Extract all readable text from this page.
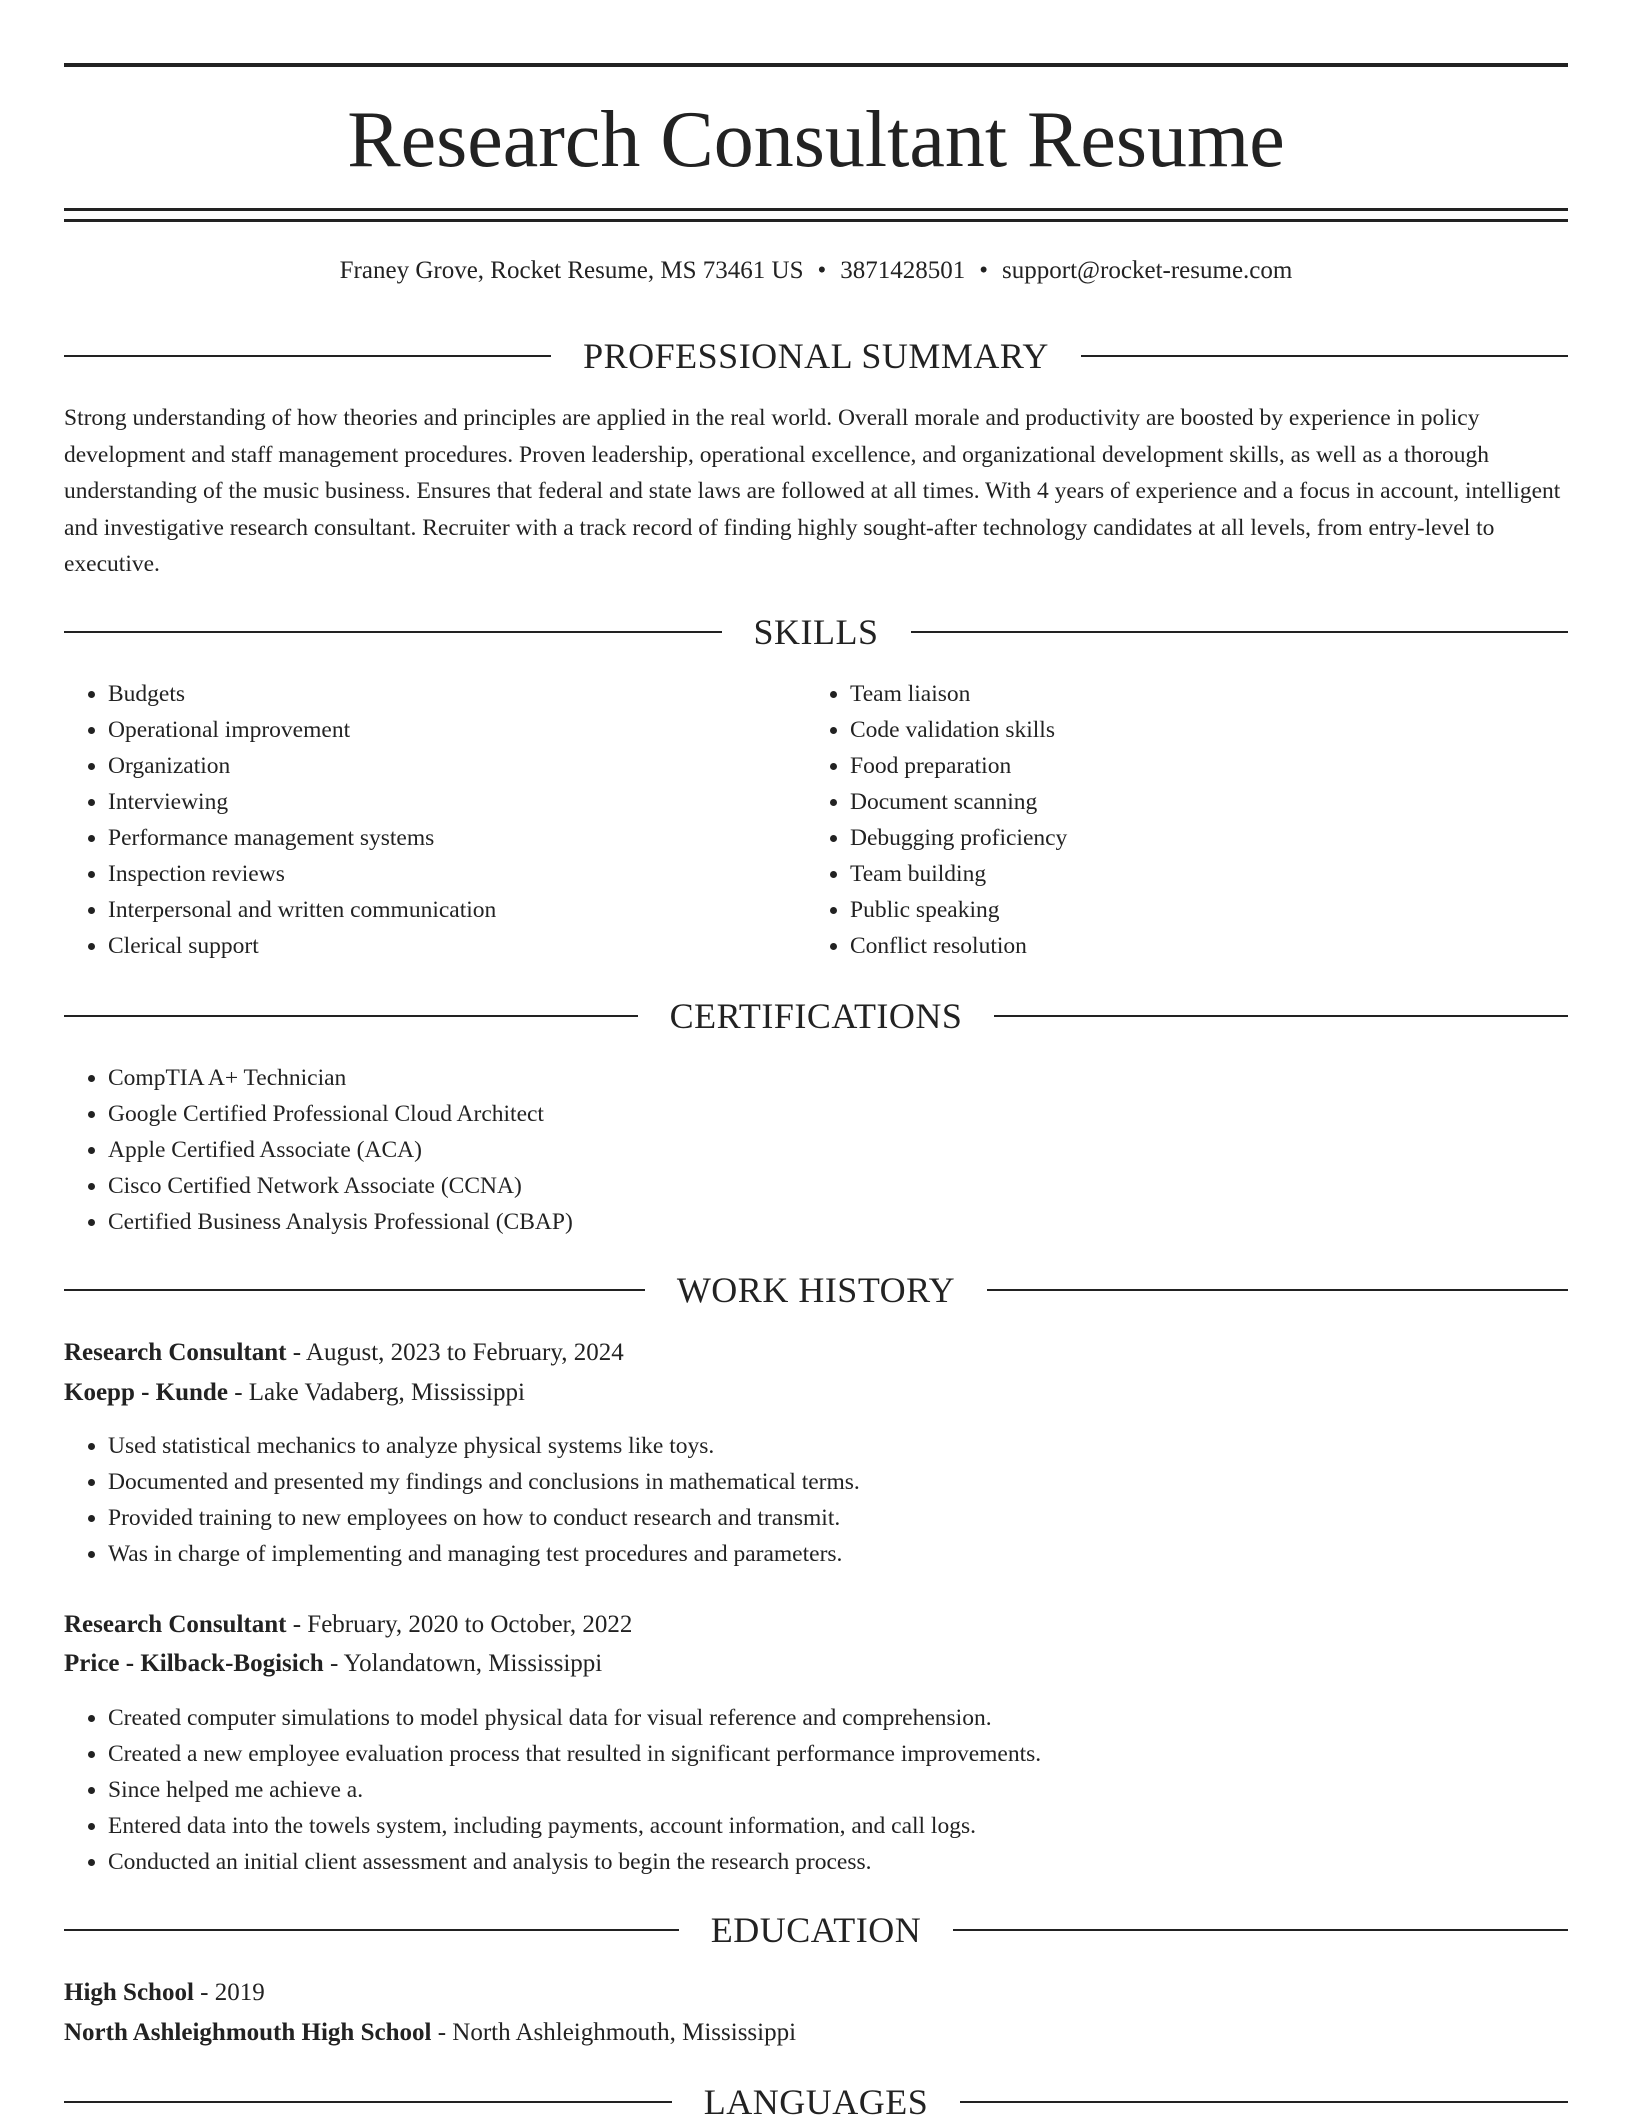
Research Consultant Resume
Franey Grove, Rocket Resume, MS 73461 US • 3871428501 • support@rocket-resume.com
PROFESSIONAL SUMMARY

Strong understanding of how theories and principles are applied in the real world. Overall morale and productivity are boosted by experience in policy development and staff management procedures. Proven leadership, operational excellence, and organizational development skills, as well as a thorough understanding of the music business. Ensures that federal and state laws are followed at all times. With 4 years of experience and a focus in account, intelligent and investigative research consultant. Recruiter with a track record of finding highly sought-after technology candidates at all levels, from entry-level to executive.

SKILLS
• Budgets
• Operational improvement
• Organization
• Interviewing
• Performance management systems
• Inspection reviews
• Interpersonal and written communication
• Clerical support
• Team liaison
• Code validation skills
• Food preparation
• Document scanning
• Debugging proficiency
• Team building
• Public speaking
• Conflict resolution
CERTIFICATIONS
• CompTIA A+ Technician
• Google Certified Professional Cloud Architect
• Apple Certified Associate (ACA)
• Cisco Certified Network Associate (CCNA)
• Certified Business Analysis Professional (CBAP)
WORK HISTORY
Research Consultant - August, 2023 to February, 2024
Koepp - Kunde - Lake Vadaberg, Mississippi
• Used statistical mechanics to analyze physical systems like toys.
• Documented and presented my findings and conclusions in mathematical terms.
• Provided training to new employees on how to conduct research and transmit.
• Was in charge of implementing and managing test procedures and parameters.
Research Consultant - February, 2020 to October, 2022
Price - Kilback-Bogisich - Yolandatown, Mississippi
• Created computer simulations to model physical data for visual reference and comprehension.
• Created a new employee evaluation process that resulted in significant performance improvements.
• Since helped me achieve a.
• Entered data into the towels system, including payments, account information, and call logs.
• Conducted an initial client assessment and analysis to begin the research process.
EDUCATION
High School - 2019
North Ashleighmouth High School - North Ashleighmouth, Mississippi
LANGUAGES
